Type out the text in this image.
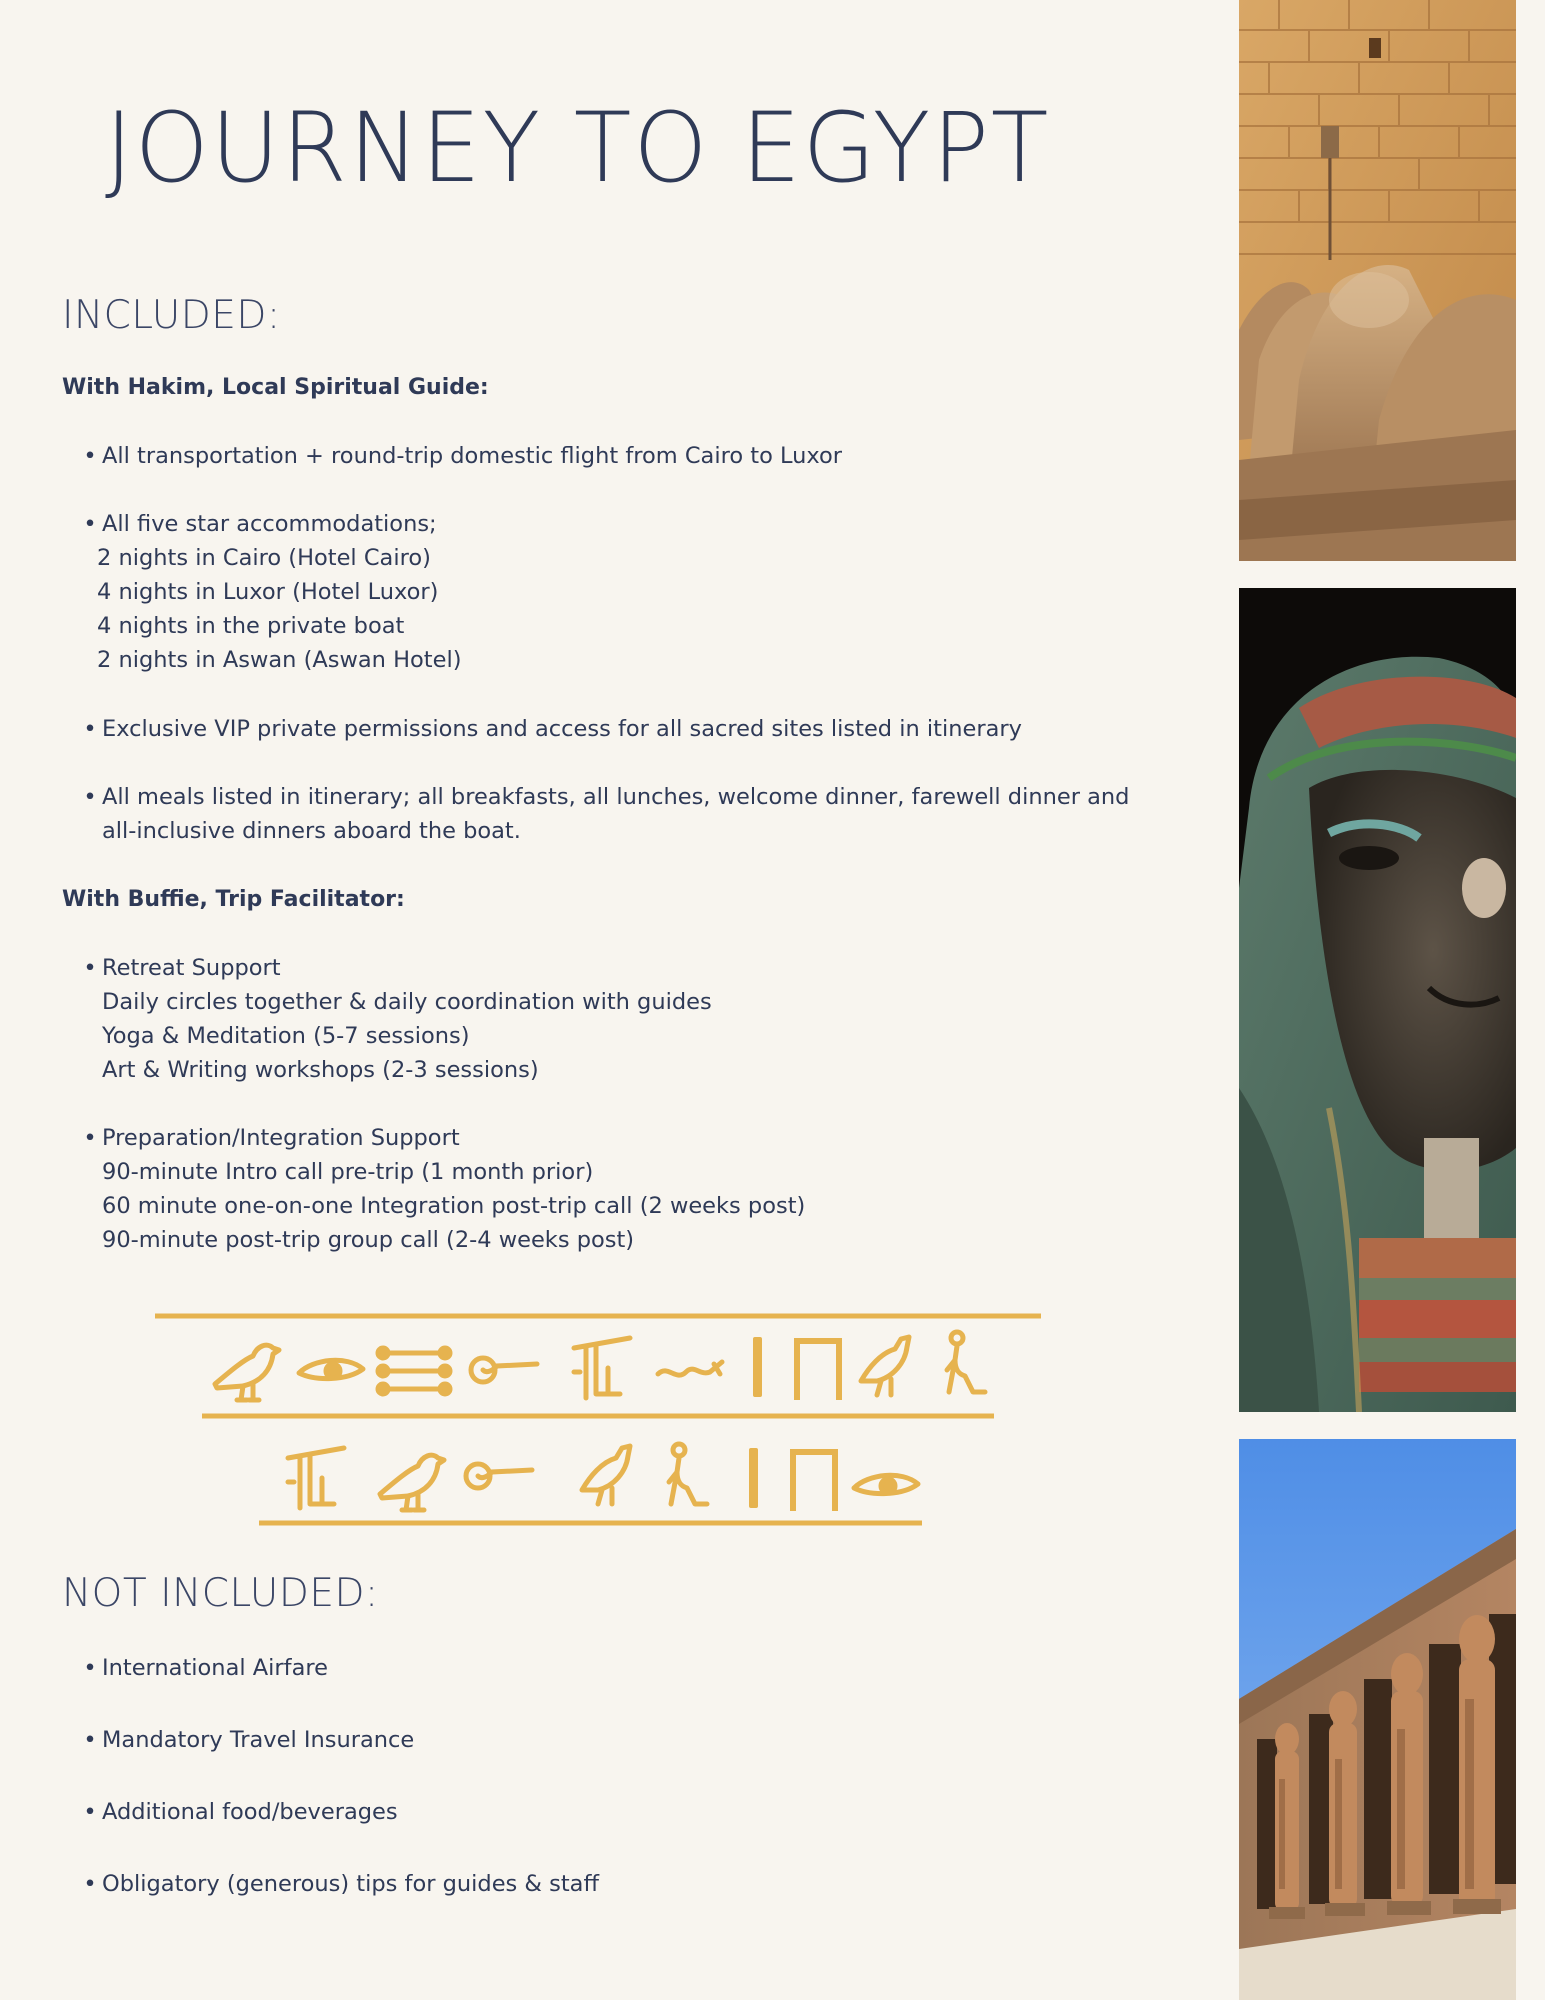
JOURNEY TO EGYPT
INCLUDED:
With Hakim, Local Spiritual Guide:
• All transportation + round-trip domestic flight from Cairo to Luxor
• All five star accommodations;
2 nights in Cairo (Hotel Cairo)
4 nights in Luxor (Hotel Luxor)
4 nights in the private boat
2 nights in Aswan (Aswan Hotel)
• Exclusive VIP private permissions and access for all sacred sites listed in itinerary
• All meals listed in itinerary; all breakfasts, all lunches, welcome dinner, farewell dinner and
all-inclusive dinners aboard the boat.
With Buffie, Trip Facilitator:
• Retreat Support
Daily circles together & daily coordination with guides
Yoga & Meditation (5-7 sessions)
Art & Writing workshops (2-3 sessions)
• Preparation/Integration Support
90-minute Intro call pre-trip (1 month prior)
60 minute one-on-one Integration post-trip call (2 weeks post)
90-minute post-trip group call (2-4 weeks post)
NOT INCLUDED:
• International Airfare
• Mandatory Travel Insurance
• Additional food/beverages
• Obligatory (generous) tips for guides & staff
